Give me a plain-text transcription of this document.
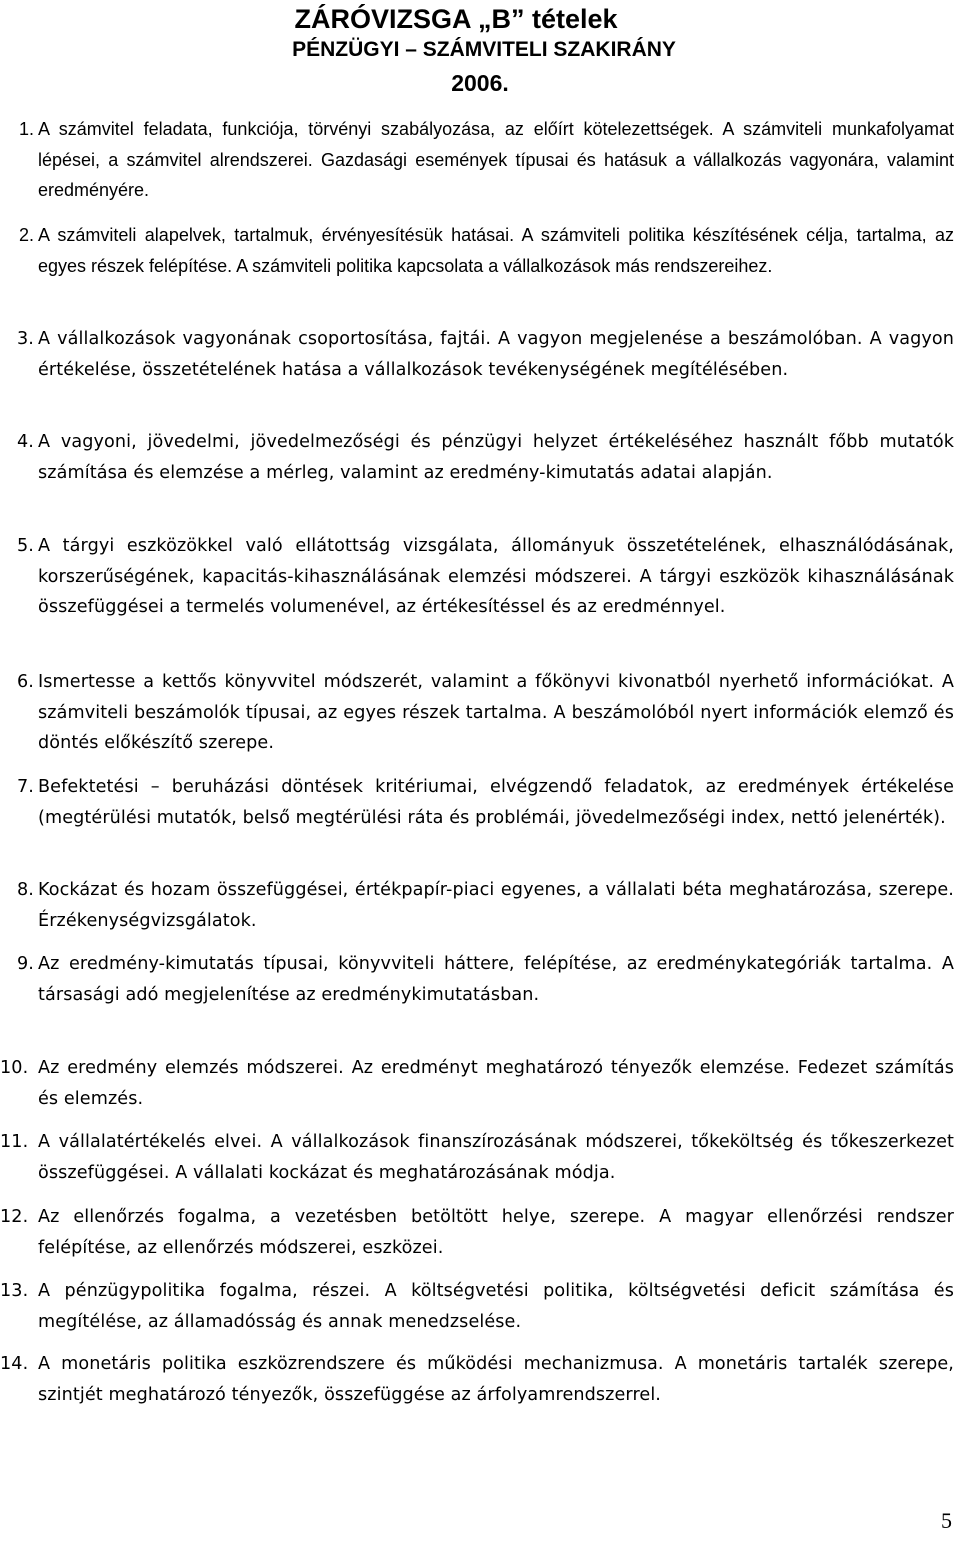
ZÁRÓVIZSGA „B” tételek
PÉNZÜGYI – SZÁMVITELI SZAKIRÁNY
2006.
1. A számvitel feladata, funkciója, törvényi szabályozása, az előírt kötelezettségek. A számviteli munkafolyamat lépései, a számvitel alrendszerei. Gazdasági események típusai és hatásuk a vállalkozás vagyonára, valamint eredményére.
2. A számviteli alapelvek, tartalmuk, érvényesítésük hatásai. A számviteli politika készítésének célja, tartalma, az egyes részek felépítése. A számviteli politika kapcsolata a vállalkozások más rendszereihez.
3. A vállalkozások vagyonának csoportosítása, fajtái. A vagyon megjelenése a beszámolóban. A vagyon értékelése, összetételének hatása a vállalkozások tevékenységének megítélésében.
4. A vagyoni, jövedelmi, jövedelmezőségi és pénzügyi helyzet értékeléséhez használt főbb mutatók számítása és elemzése a mérleg, valamint az eredmény-kimutatás adatai alapján.
5. A tárgyi eszközökkel való ellátottság vizsgálata, állományuk összetételének, elhasználódásának, korszerűségének, kapacitás-kihasználásának elemzési módszerei. A tárgyi eszközök kihasználásának összefüggései a termelés volumenével, az értékesítéssel és az eredménnyel.
6. Ismertesse a kettős könyvvitel módszerét, valamint a főkönyvi kivonatból nyerhető információkat. A számviteli beszámolók típusai, az egyes részek tartalma. A beszámolóból nyert információk elemző és döntés előkészítő szerepe.
7. Befektetési – beruházási döntések kritériumai, elvégzendő feladatok, az eredmények értékelése (megtérülési mutatók, belső megtérülési ráta és problémái, jövedelmezőségi index, nettó jelenérték).
8. Kockázat és hozam összefüggései, értékpapír-piaci egyenes, a vállalati béta meghatározása, szerepe. Érzékenységvizsgálatok.
9. Az eredmény-kimutatás típusai, könyvviteli háttere, felépítése, az eredménykategóriák tartalma. A társasági adó megjelenítése az eredménykimutatásban.
10. Az eredmény elemzés módszerei. Az eredményt meghatározó tényezők elemzése. Fedezet számítás és elemzés.
11. A vállalatértékelés elvei. A vállalkozások finanszírozásának módszerei, tőkeköltség és tőkeszerkezet összefüggései. A vállalati kockázat és meghatározásának módja.
12. Az ellenőrzés fogalma, a vezetésben betöltött helye, szerepe. A magyar ellenőrzési rendszer felépítése, az ellenőrzés módszerei, eszközei.
13. A pénzügypolitika fogalma, részei. A költségvetési politika, költségvetési deficit számítása és megítélése, az államadósság és annak menedzselése.
14. A monetáris politika eszközrendszere és működési mechanizmusa. A monetáris tartalék szerepe, szintjét meghatározó tényezők, összefüggése az árfolyamrendszerrel.
5
